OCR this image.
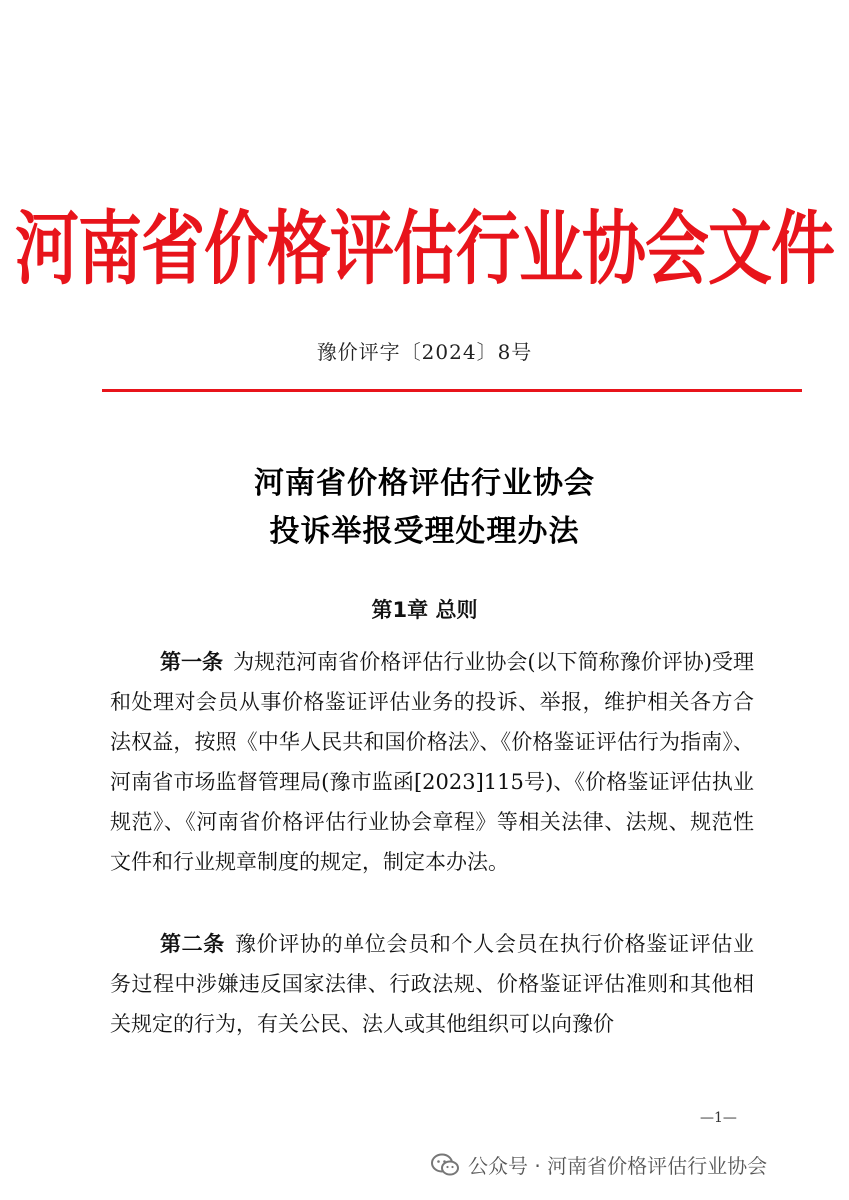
河南省价格评估行业协会文件
豫价评字〔2024〕8号
河南省价格评估行业协会
投诉举报受理处理办法
第1章 总则
第一条 为规范河南省价格评估行业协会(以下简称豫价评协)受理和处理对会员从事价格鉴证评估业务的投诉、举报，维护相关各方合法权益，按照《中华人民共和国价格法》、《价格鉴证评估行为指南》、河南省市场监督管理局(豫市监函[2023]115号)、《价格鉴证评估执业规范》、《河南省价格评估行业协会章程》等相关法律、法规、规范性文件和行业规章制度的规定，制定本办法。
第二条 豫价评协的单位会员和个人会员在执行价格鉴证评估业务过程中涉嫌违反国家法律、行政法规、价格鉴证评估准则和其他相关规定的行为，有关公民、法人或其他组织可以向豫价
—1—
公众号 · 河南省价格评估行业协会
